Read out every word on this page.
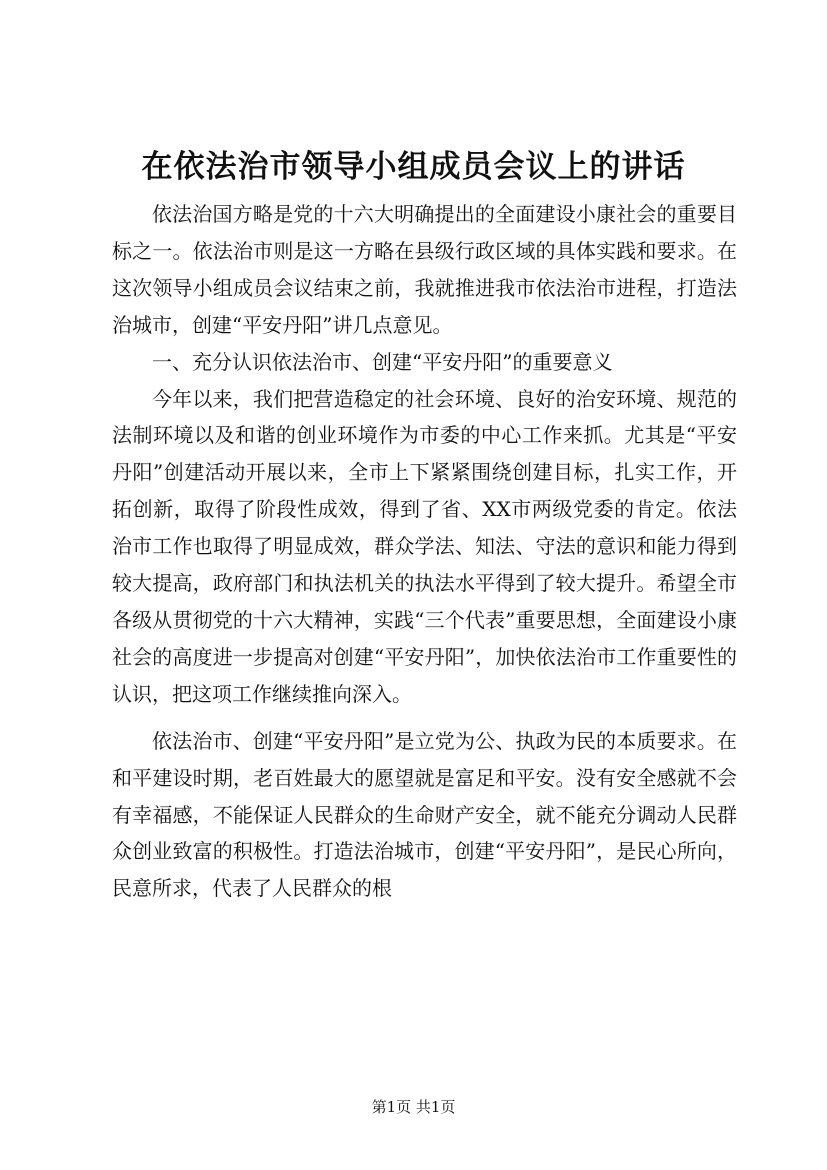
在依法治市领导小组成员会议上的讲话

依法治国方略是党的十六大明确提出的全面建设小康社会的重要目标之一。依法治市则是这一方略在县级行政区域的具体实践和要求。在这次领导小组成员会议结束之前，我就推进我市依法治市进程，打造法治城市，创建“平安丹阳”讲几点意见。

一、充分认识依法治市、创建“平安丹阳”的重要意义

今年以来，我们把营造稳定的社会环境、良好的治安环境、规范的法制环境以及和谐的创业环境作为市委的中心工作来抓。尤其是“平安丹阳”创建活动开展以来，全市上下紧紧围绕创建目标，扎实工作，开拓创新，取得了阶段性成效，得到了省、XX市两级党委的肯定。依法治市工作也取得了明显成效，群众学法、知法、守法的意识和能力得到较大提高，政府部门和执法机关的执法水平得到了较大提升。希望全市各级从贯彻党的十六大精神，实践“三个代表”重要思想，全面建设小康社会的高度进一步提高对创建“平安丹阳”，加快依法治市工作重要性的认识，把这项工作继续推向深入。

依法治市、创建“平安丹阳”是立党为公、执政为民的本质要求。在和平建设时期，老百姓最大的愿望就是富足和平安。没有安全感就不会有幸福感，不能保证人民群众的生命财产安全，就不能充分调动人民群众创业致富的积极性。打造法治城市，创建“平安丹阳”，是民心所向，民意所求，代表了人民群众的根

第1页 共1页
